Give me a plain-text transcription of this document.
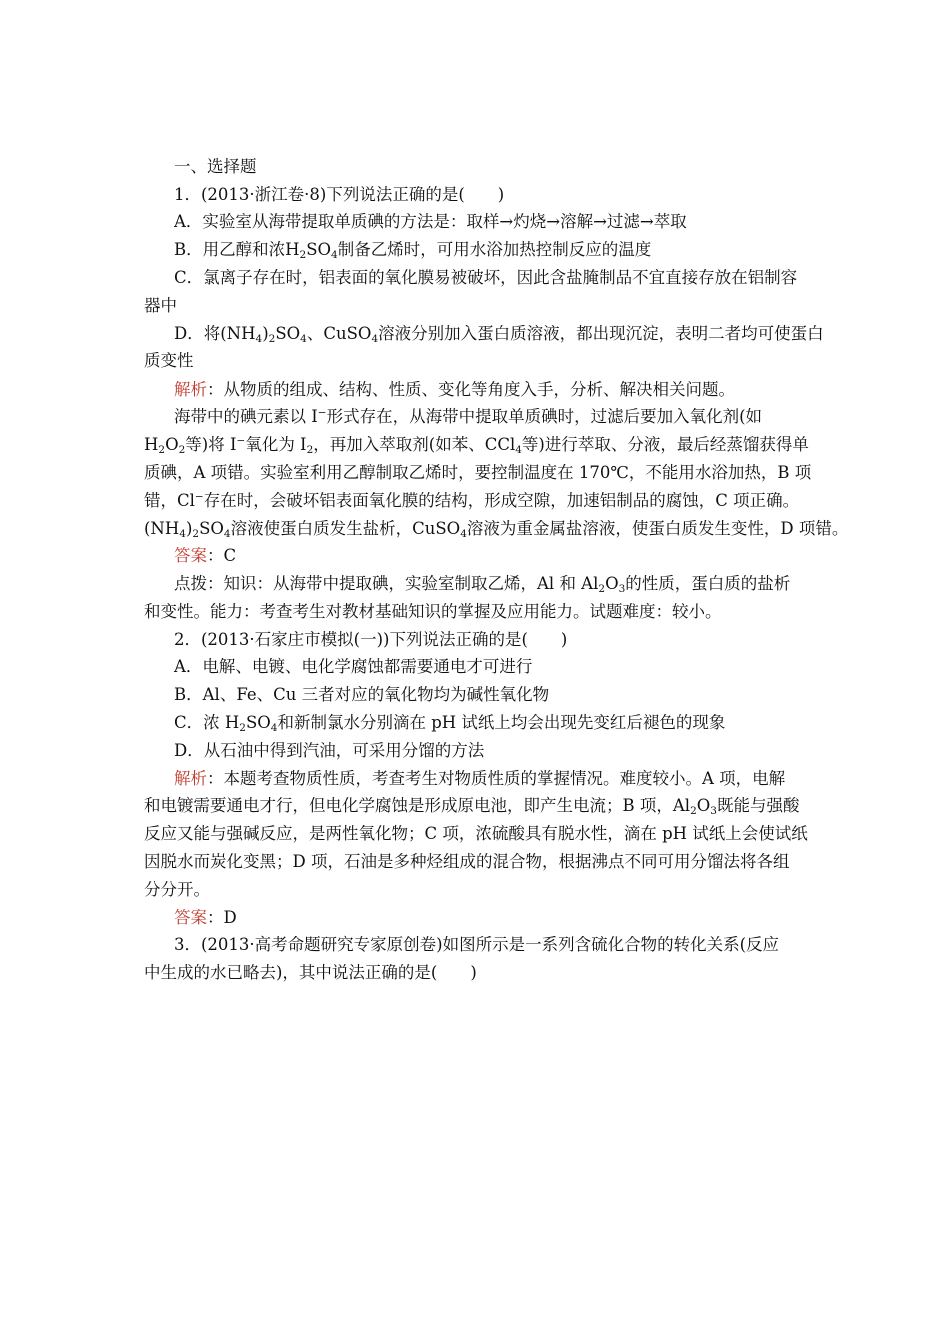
一、选择题
1．(2013·浙江卷·8)下列说法正确的是(　　)
A．实验室从海带提取单质碘的方法是：取样→灼烧→溶解→过滤→萃取
B．用乙醇和浓$H_2SO_4$制备乙烯时，可用水浴加热控制反应的温度
C．氯离子存在时，铝表面的氧化膜易被破坏，因此含盐腌制品不宜直接存放在铝制容
器中
D．将$(NH_4)_2SO_4$、CuSO$_4$溶液分别加入蛋白质溶液，都出现沉淀，表明二者均可使蛋白
质变性
解析：从物质的组成、结构、性质、变化等角度入手，分析、解决相关问题。
海带中的碘元素以 I−形式存在，从海带中提取单质碘时，过滤后要加入氧化剂(如
$H_2O_2$等)将 I−氧化为 $I_2$，再加入萃取剂(如苯、CCl$_4$等)进行萃取、分液，最后经蒸馏获得单
质碘，A 项错。实验室利用乙醇制取乙烯时，要控制温度在 170℃，不能用水浴加热，B 项
错，Cl−存在时，会破坏铝表面氧化膜的结构，形成空隙，加速铝制品的腐蚀，C 项正确。
$(NH_4)_2SO_4$溶液使蛋白质发生盐析，CuSO$_4$溶液为重金属盐溶液，使蛋白质发生变性，D 项错。
答案：C
点拨：知识：从海带中提取碘，实验室制取乙烯，Al 和 $Al_2O_3$的性质，蛋白质的盐析
和变性。能力：考查考生对教材基础知识的掌握及应用能力。试题难度：较小。
2．(2013·石家庄市模拟(一))下列说法正确的是(　　)
A．电解、电镀、电化学腐蚀都需要通电才可进行
B．Al、Fe、Cu 三者对应的氧化物均为碱性氧化物
C．浓 $H_2SO_4$和新制氯水分别滴在 pH 试纸上均会出现先变红后褪色的现象
D．从石油中得到汽油，可采用分馏的方法
解析：本题考查物质性质，考查考生对物质性质的掌握情况。难度较小。A 项，电解
和电镀需要通电才行，但电化学腐蚀是形成原电池，即产生电流；B 项，$Al_2O_3$既能与强酸
反应又能与强碱反应，是两性氧化物；C 项，浓硫酸具有脱水性，滴在 pH 试纸上会使试纸
因脱水而炭化变黑；D 项，石油是多种烃组成的混合物，根据沸点不同可用分馏法将各组
分分开。
答案：D
3．(2013·高考命题研究专家原创卷)如图所示是一系列含硫化合物的转化关系(反应
中生成的水已略去)，其中说法正确的是(　　)
